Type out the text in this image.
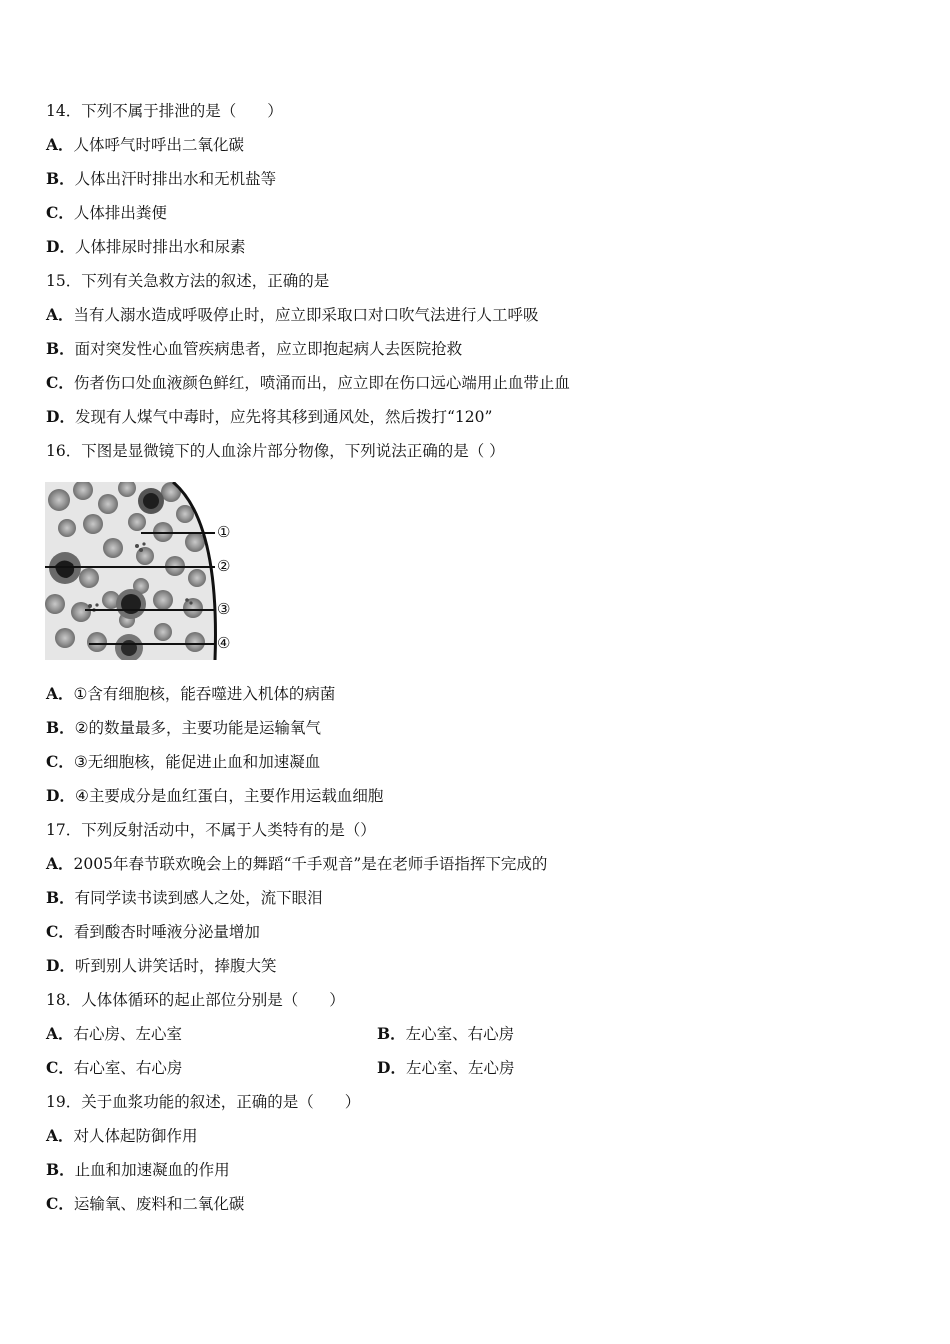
14．下列不属于排泄的是（　　）
A．人体呼气时呼出二氧化碳
B．人体出汗时排出水和无机盐等
C．人体排出粪便
D．人体排尿时排出水和尿素
15．下列有关急救方法的叙述，正确的是
A．当有人溺水造成呼吸停止时，应立即采取口对口吹气法进行人工呼吸
B．面对突发性心血管疾病患者，应立即抱起病人去医院抢救
C．伤者伤口处血液颜色鲜红，喷涌而出，应立即在伤口远心端用止血带止血
D．发现有人煤气中毒时，应先将其移到通风处，然后拨打“120”
16．下图是显微镜下的人血涂片部分物像，下列说法正确的是（ ）
①
②
③
④
A．①含有细胞核，能吞噬进入机体的病菌
B．②的数量最多，主要功能是运输氧气
C．③无细胞核，能促进止血和加速凝血
D．④主要成分是血红蛋白，主要作用运载血细胞
17．下列反射活动中，不属于人类特有的是（）
A．2005年春节联欢晚会上的舞蹈“千手观音”是在老师手语指挥下完成的
B．有同学读书读到感人之处，流下眼泪
C．看到酸杏时唾液分泌量增加
D．听到别人讲笑话时，捧腹大笑
18．人体体循环的起止部位分别是（　　）
A．右心房、左心室	B．左心室、右心房
C．右心室、右心房	D．左心室、左心房
19．关于血浆功能的叙述，正确的是（　　）
A．对人体起防御作用
B．止血和加速凝血的作用
C．运输氧、废料和二氧化碳
